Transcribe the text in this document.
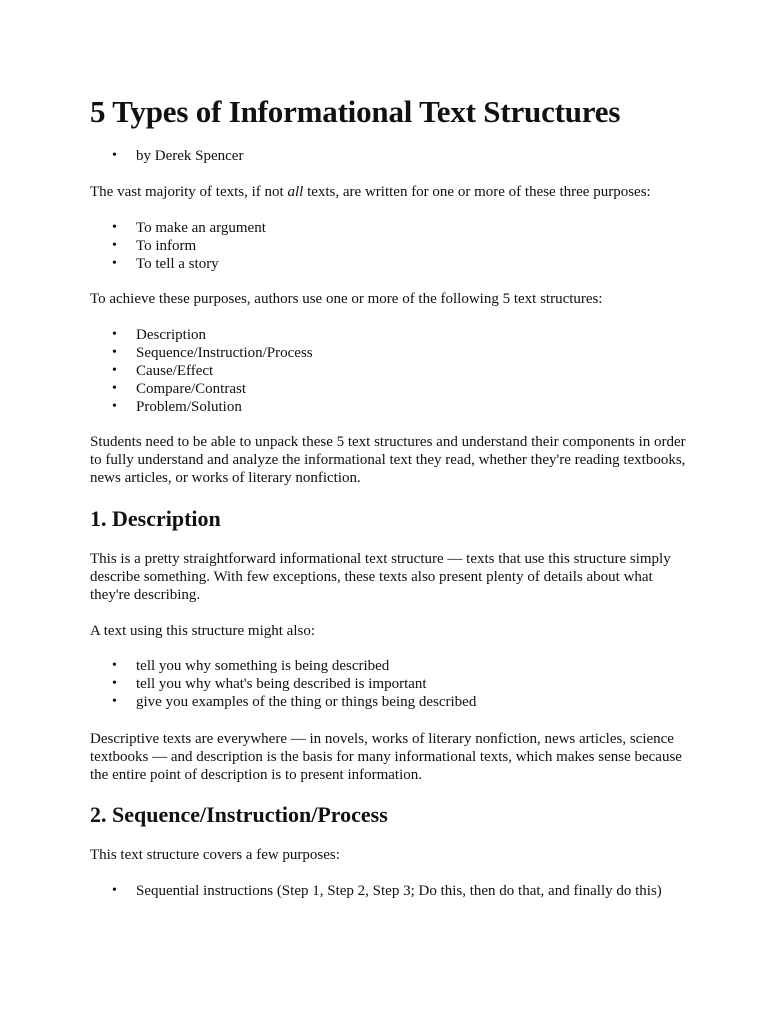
5 Types of Informational Text Structures
• by Derek Spencer

The vast majority of texts, if not all texts, are written for one or more of these three purposes:

• To make an argument
• To inform
• To tell a story

To achieve these purposes, authors use one or more of the following 5 text structures:

• Description
• Sequence/Instruction/Process
• Cause/Effect
• Compare/Contrast
• Problem/Solution

Students need to be able to unpack these 5 text structures and understand their components in order to fully understand and analyze the informational text they read, whether they're reading textbooks, news articles, or works of literary nonfiction.

1. Description

This is a pretty straightforward informational text structure — texts that use this structure simply describe something. With few exceptions, these texts also present plenty of details about what they're describing.

A text using this structure might also:

• tell you why something is being described
• tell you why what's being described is important
• give you examples of the thing or things being described

Descriptive texts are everywhere — in novels, works of literary nonfiction, news articles, science textbooks — and description is the basis for many informational texts, which makes sense because the entire point of description is to present information.

2. Sequence/Instruction/Process

This text structure covers a few purposes:

• Sequential instructions (Step 1, Step 2, Step 3; Do this, then do that, and finally do this)
